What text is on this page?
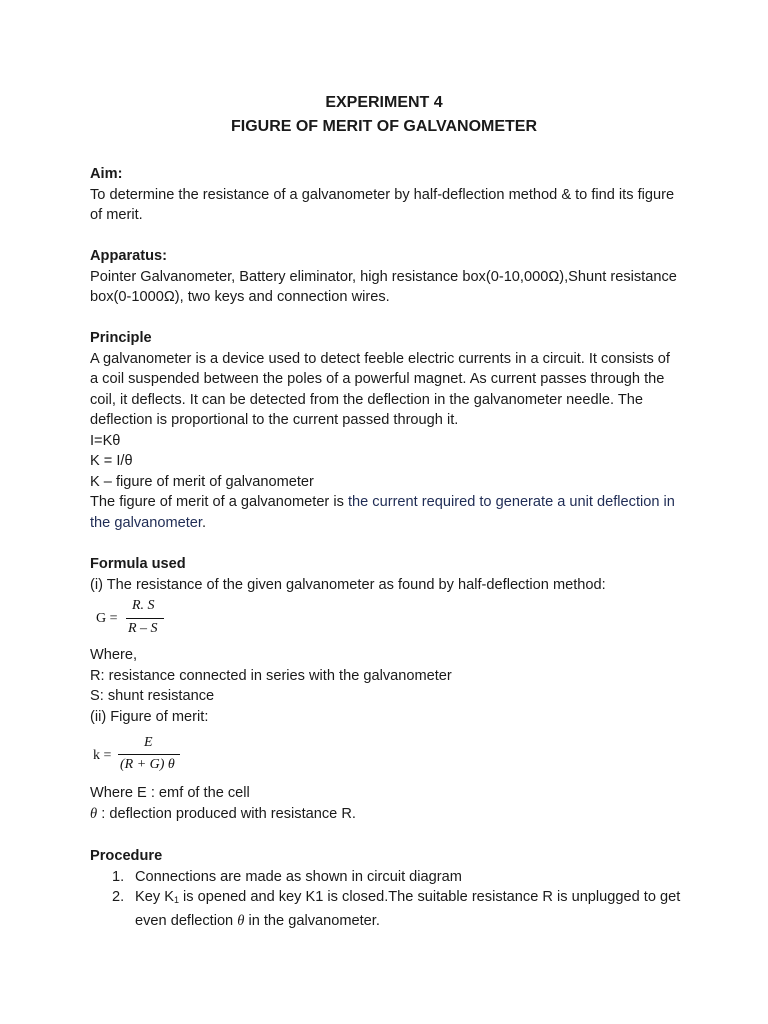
EXPERIMENT 4
FIGURE OF MERIT OF GALVANOMETER

Aim:

To determine the resistance of a galvanometer by half-deflection method & to find its figure of merit.

Apparatus:

Pointer Galvanometer, Battery eliminator, high resistance box(0-10,000Ω),Shunt resistance box(0-1000Ω), two keys and connection wires.

Principle

A galvanometer is a device used to detect feeble electric currents in a circuit. It consists of a coil suspended between the poles of a powerful magnet. As current passes through the coil, it deflects. It can be detected from the deflection in the galvanometer needle. The deflection is proportional to the current passed through it.

I=Kθ

K = I/θ

K – figure of merit of galvanometer

The figure of merit of a galvanometer is the current required to generate a unit deflection in the galvanometer.

Formula used

(i) The resistance of the given galvanometer as found by half-deflection method:

G =
R. S
R – S

Where,

R: resistance connected in series with the galvanometer

S: shunt resistance

(ii) Figure of merit:

k =
E
(R + G) θ

Where E : emf of the cell

θ : deflection produced with resistance R.

Procedure

1. Connections are made as shown in circuit diagram
2. Key $K_1$ is opened and key K1 is closed.The suitable resistance R is unplugged to get even deflection θ in the galvanometer.
